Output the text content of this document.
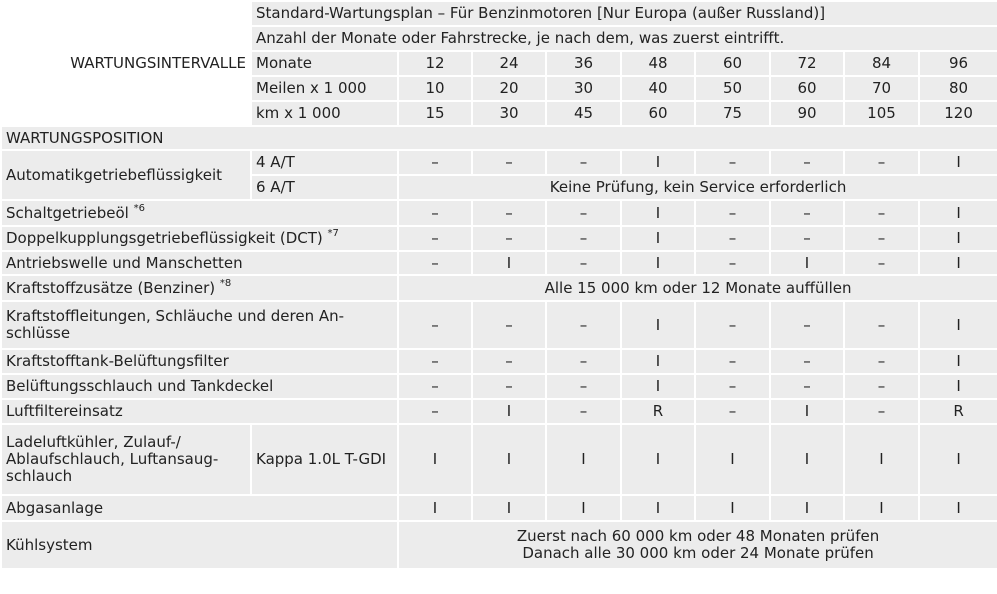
	Standard-Wartungsplan – Für Benzinmotoren [Nur Europa (außer Russland)]								
	Anzahl der Monate oder Fahrstrecke, je nach dem, was zuerst eintrifft.								
WARTUNGSINTERVALLE	Monate	12	24	36	48	60	72	84	96
	Meilen x 1 000	10	20	30	40	50	60	70	80
	km x 1 000	15	30	45	60	75	90	105	120
WARTUNGSPOSITION									
Automatikgetriebeflüssigkeit	4 A/T	–	–	–	I	–	–	–	I
	6 A/T	Keine Prüfung, kein Service erforderlich							
Schaltgetriebeöl $^{*6}$		–	–	–	I	–	–	–	I
Doppelkupplungsgetriebeflüssigkeit (DCT) $^{*7}$		–	–	–	I	–	–	–	I
Antriebswelle und Manschetten		–	I	–	I	–	I	–	I
Kraftstoffzusätze (Benziner) $^{*8}$		Alle 15 000 km oder 12 Monate auffüllen							

Kraftstoffleitungen, Schläuche und deren An-
schlüsse		–	–	–	I	–	–	–	I
Kraftstofftank-Belüftungsfilter		–	–	–	I	–	–	–	I
Belüftungsschlauch und Tankdeckel		–	–	–	I	–	–	–	I
Luftfiltereinsatz		–	I	–	R	–	I	–	R

Ladeluftkühler, Zulauf-/
Ablaufschlauch, Luftansaug-
schlauch	Kappa 1.0L T-GDI	I	I	I	I	I	I	I	I
Abgasanlage		I	I	I	I	I	I	I	I
Kühlsystem		Zuerst nach 60 000 km oder 48 Monaten prüfen
Danach alle 30 000 km oder 24 Monate prüfen							
